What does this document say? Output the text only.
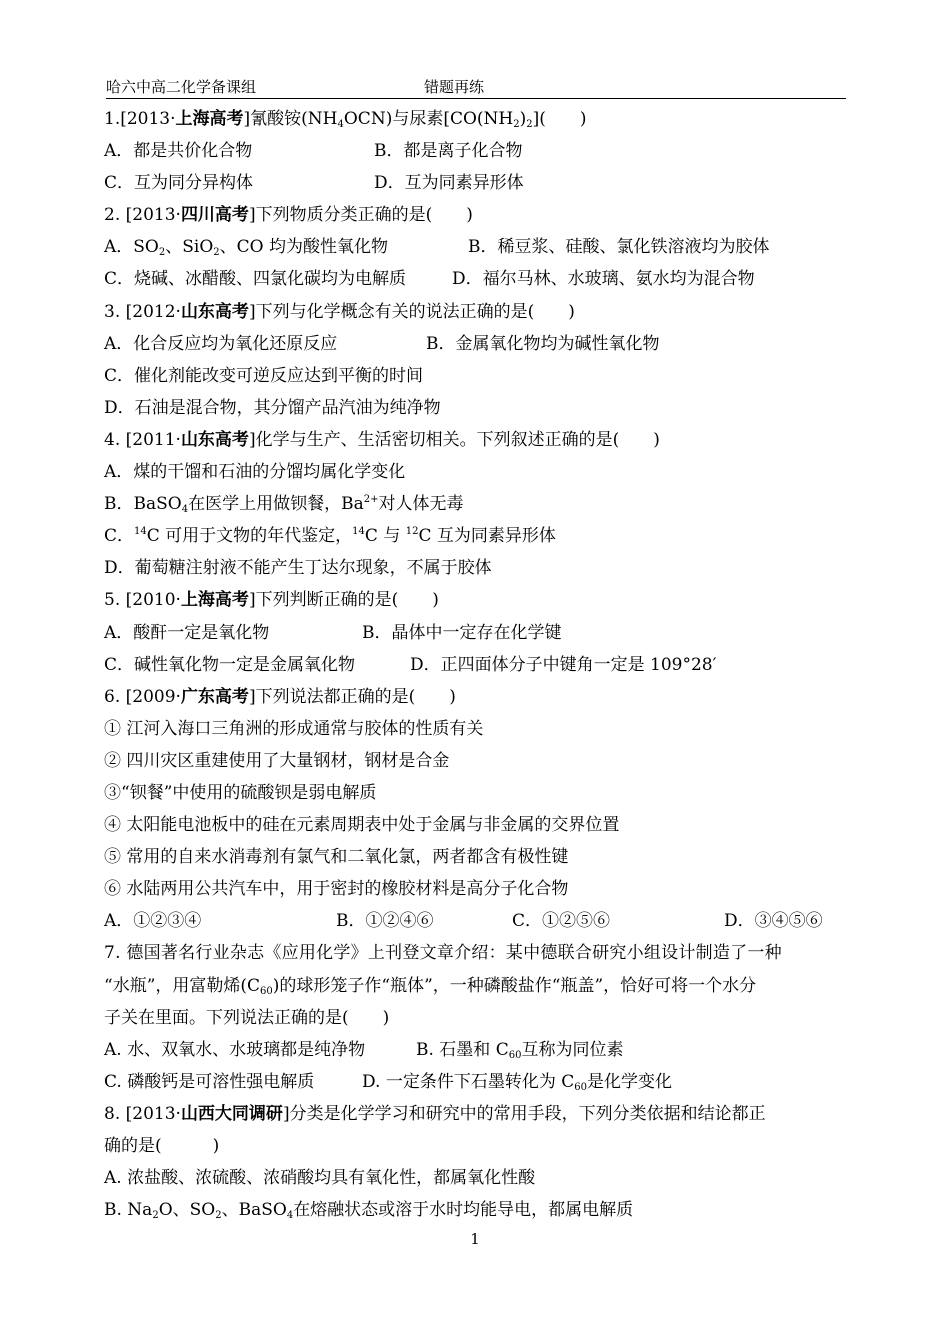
哈六中高二化学备课组	错题再练
1.[2013·上海高考]氰酸铵$(NH_4OCN)$与尿素$[CO(NH_2)_2]$(　　)
A．都是共价化合物	B．都是离子化合物
C．互为同分异构体	D．互为同素异形体
2. [2013·四川高考]下列物质分类正确的是(　　)
A．$SO_2$、SiO$_2$、CO 均为酸性氧化物	B．稀豆浆、硅酸、氯化铁溶液均为胶体
C．烧碱、冰醋酸、四氯化碳均为电解质	D．福尔马林、水玻璃、氨水均为混合物
3. [2012·山东高考]下列与化学概念有关的说法正确的是(　　)
A．化合反应均为氧化还原反应	B．金属氧化物均为碱性氧化物
C．催化剂能改变可逆反应达到平衡的时间
D．石油是混合物，其分馏产品汽油为纯净物
4. [2011·山东高考]化学与生产、生活密切相关。下列叙述正确的是(　　)
A．煤的干馏和石油的分馏均属化学变化
B．BaSO$_4$在医学上用做钡餐，$Ba^{2+}$对人体无毒
C．$^{14}$C 可用于文物的年代鉴定，$^{14}$C 与 $^{12}$C 互为同素异形体
D．葡萄糖注射液不能产生丁达尔现象，不属于胶体
5. [2010·上海高考]下列判断正确的是(　　)
A．酸酐一定是氧化物	B．晶体中一定存在化学键
C．碱性氧化物一定是金属氧化物	D．正四面体分子中键角一定是 109°28′
6. [2009·广东高考]下列说法都正确的是(　　)
① 江河入海口三角洲的形成通常与胶体的性质有关
② 四川灾区重建使用了大量钢材，钢材是合金
③“钡餐”中使用的硫酸钡是弱电解质
④ 太阳能电池板中的硅在元素周期表中处于金属与非金属的交界位置
⑤ 常用的自来水消毒剂有氯气和二氧化氯，两者都含有极性键
⑥ 水陆两用公共汽车中，用于密封的橡胶材料是高分子化合物
A．①②③④	B．①②④⑥	C．①②⑤⑥	D．③④⑤⑥
7. 德国著名行业杂志《应用化学》上刊登文章介绍：某中德联合研究小组设计制造了一种
“水瓶”，用富勒烯$(C_{60})$的球形笼子作“瓶体”，一种磷酸盐作“瓶盖”，恰好可将一个水分
子关在里面。下列说法正确的是(　　)
A. 水、双氧水、水玻璃都是纯净物	B. 石墨和 $C_{60}$互称为同位素
C. 磷酸钙是可溶性强电解质	D. 一定条件下石墨转化为 $C_{60}$是化学变化
8. [2013·山西大同调研]分类是化学学习和研究中的常用手段，下列分类依据和结论都正
确的是(　　　)
A. 浓盐酸、浓硫酸、浓硝酸均具有氧化性，都属氧化性酸
B. $Na_2O$、$SO_2$、BaSO$_4$在熔融状态或溶于水时均能导电，都属电解质
1
